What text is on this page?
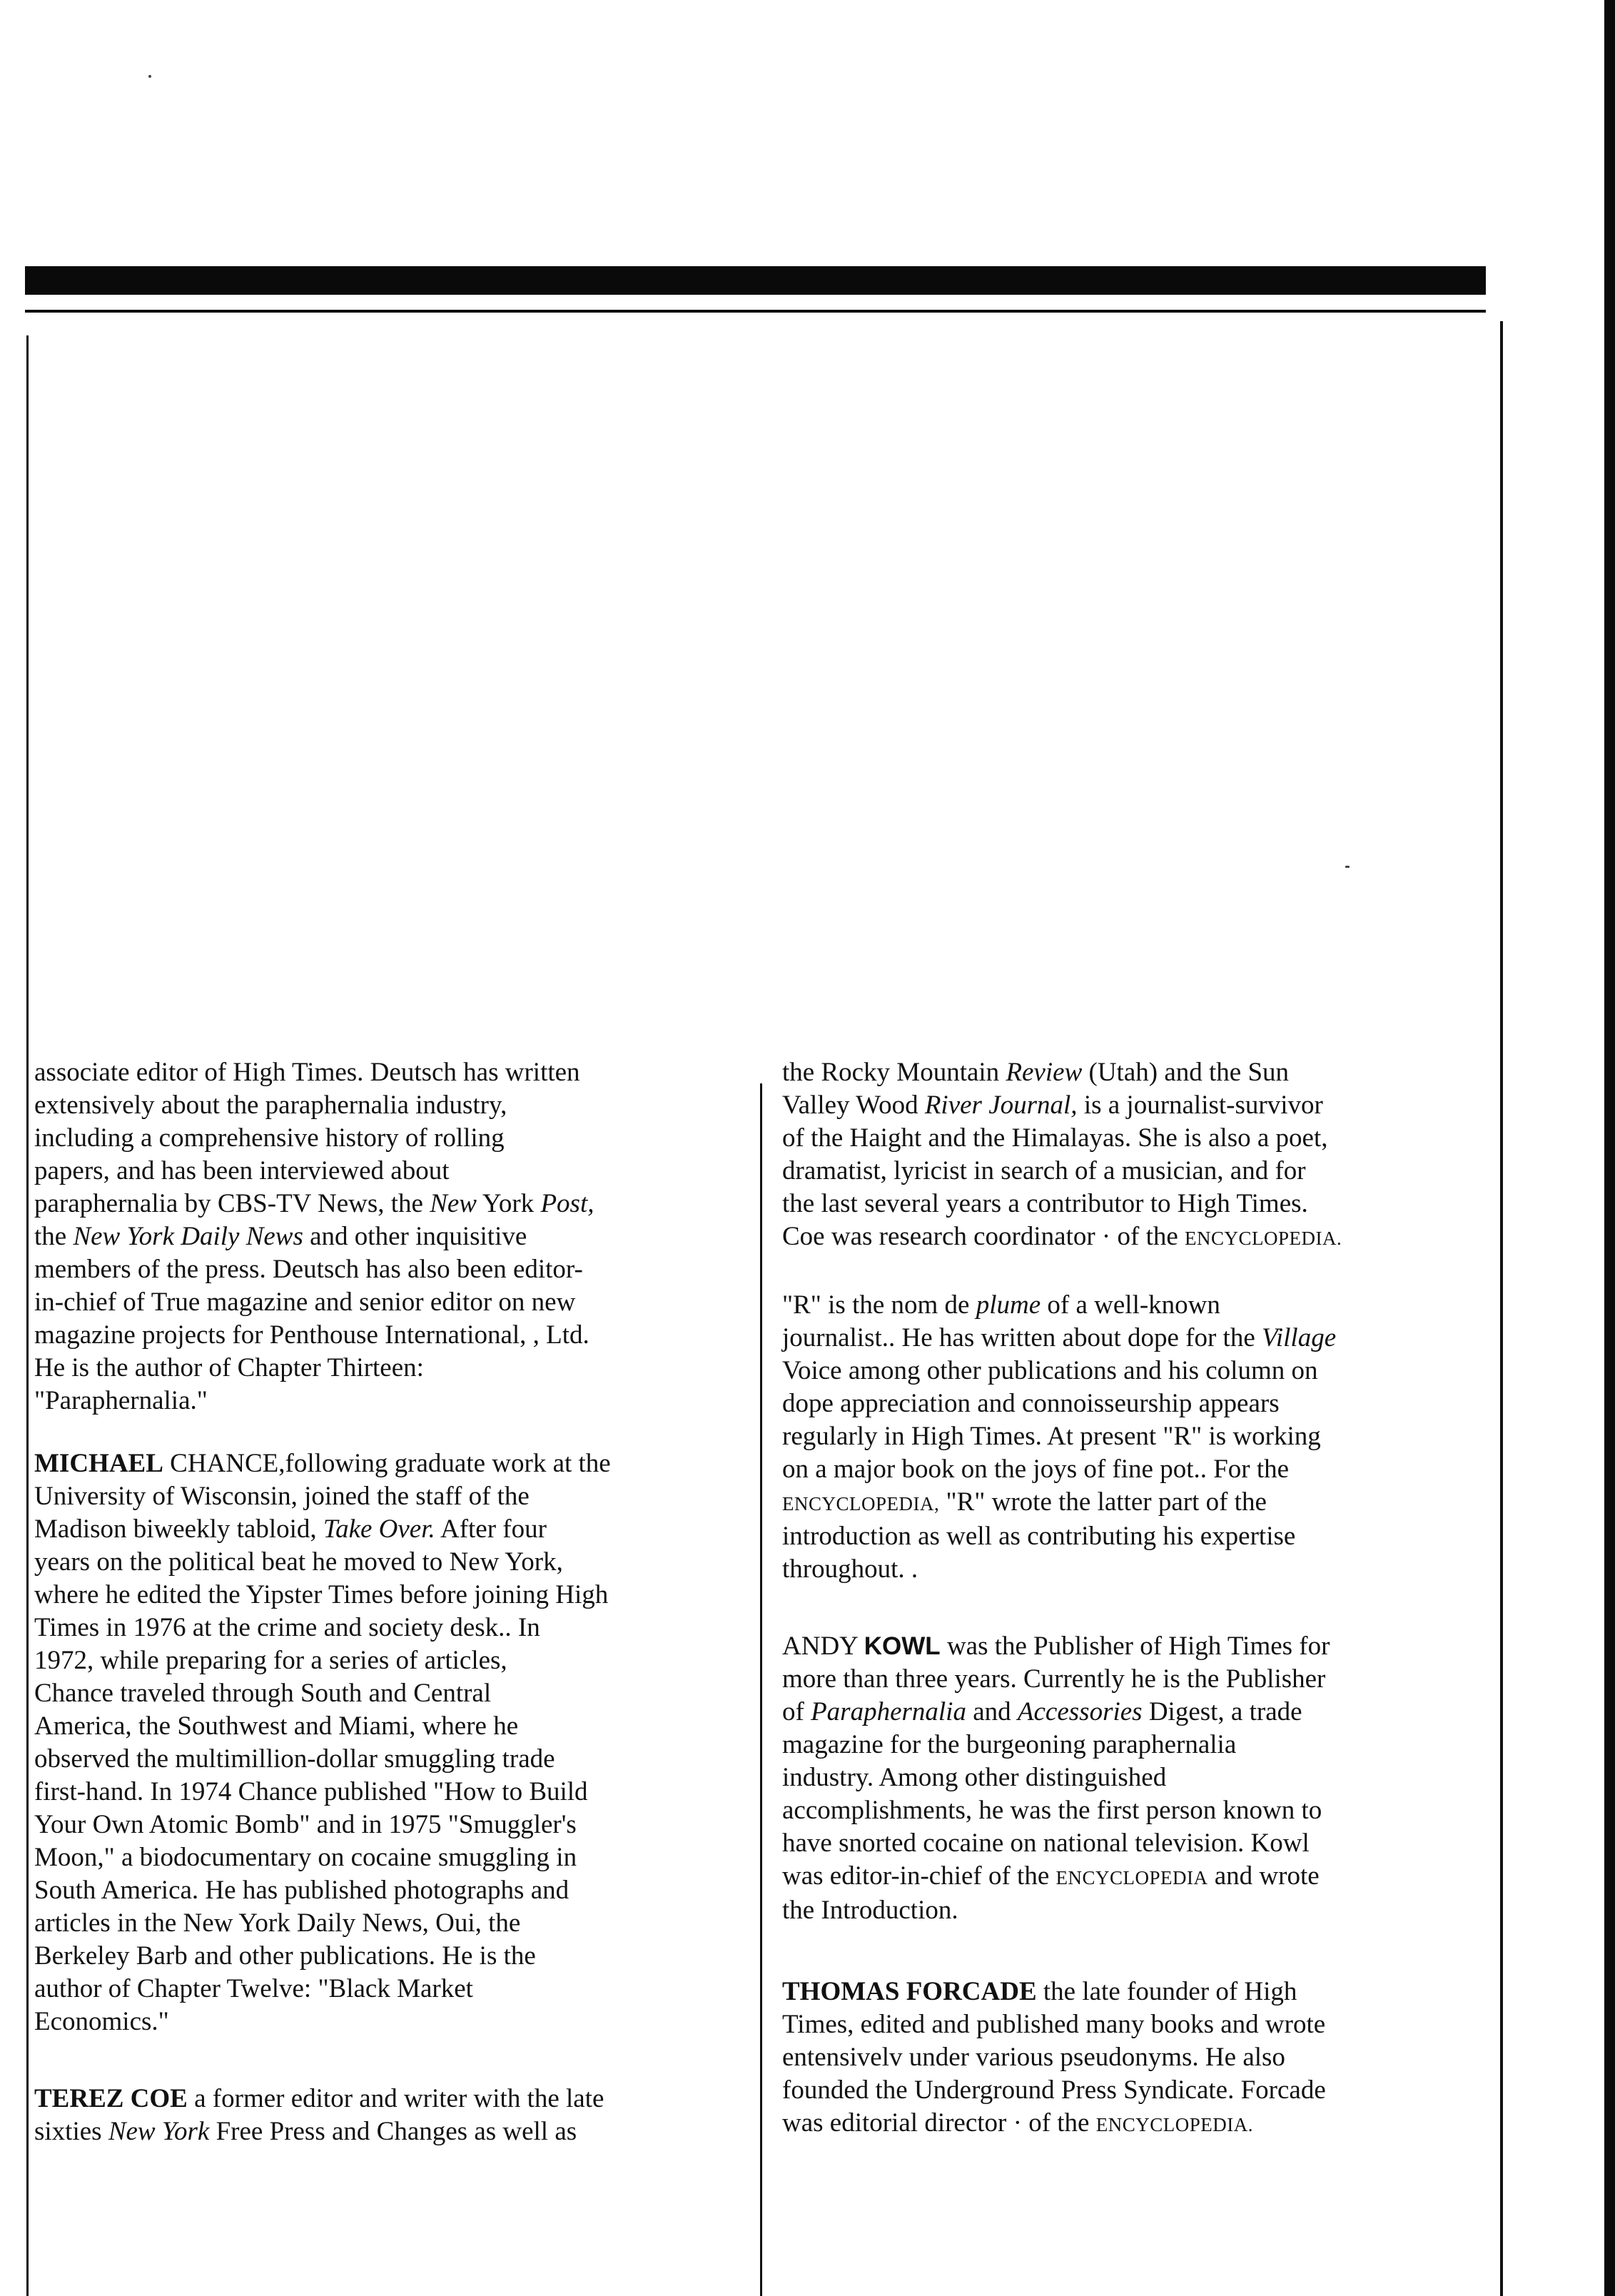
associate editor of High Times. Deutsch has written
extensively about the paraphernalia industry,
including a comprehensive history of rolling
papers, and has been interviewed about
paraphernalia by CBS-TV News, the New York Post,
the New York Daily News and other inquisitive
members of the press. Deutsch has also been editor-
in-chief of True magazine and senior editor on new
magazine projects for Penthouse International, , Ltd.
He is the author of Chapter Thirteen:
"Paraphernalia."

MICHAEL CHANCE,following graduate work at the
University of Wisconsin, joined the staff of the
Madison biweekly tabloid, Take Over. After four
years on the political beat he moved to New York,
where he edited the Yipster Times before joining High
Times in 1976 at the crime and society desk.. In
1972, while preparing for a series of articles,
Chance traveled through South and Central
America, the Southwest and Miami, where he
observed the multimillion-dollar smuggling trade
first-hand. In 1974 Chance published "How to Build
Your Own Atomic Bomb" and in 1975 "Smuggler's
Moon," a biodocumentary on cocaine smuggling in
South America. He has published photographs and
articles in the New York Daily News, Oui, the
Berkeley Barb and other publications. He is the
author of Chapter Twelve: "Black Market
Economics."

TEREZ COE a former editor and writer with the late
sixties New York Free Press and Changes as well as

the Rocky Mountain Review (Utah) and the Sun
Valley Wood River Journal, is a journalist-survivor
of the Haight and the Himalayas. She is also a poet,
dramatist, lyricist in search of a musician, and for
the last several years a contributor to High Times.
Coe was research coordinator · of the ENCYCLOPEDIA.

"R" is the nom de plume of a well-known
journalist.. He has written about dope for the Village
Voice among other publications and his column on
dope appreciation and connoisseurship appears
regularly in High Times. At present "R" is working
on a major book on the joys of fine pot.. For the
ENCYCLOPEDIA, "R" wrote the latter part of the
introduction as well as contributing his expertise
throughout. .

ANDY KOWL was the Publisher of High Times for
more than three years. Currently he is the Publisher
of Paraphernalia and Accessories Digest, a trade
magazine for the burgeoning paraphernalia
industry. Among other distinguished
accomplishments, he was the first person known to
have snorted cocaine on national television. Kowl
was editor-in-chief of the ENCYCLOPEDIA and wrote
the Introduction.

THOMAS FORCADE the late founder of High
Times, edited and published many books and wrote
entensivelv under various pseudonyms. He also
founded the Underground Press Syndicate. Forcade
was editorial director · of the ENCYCLOPEDIA.
